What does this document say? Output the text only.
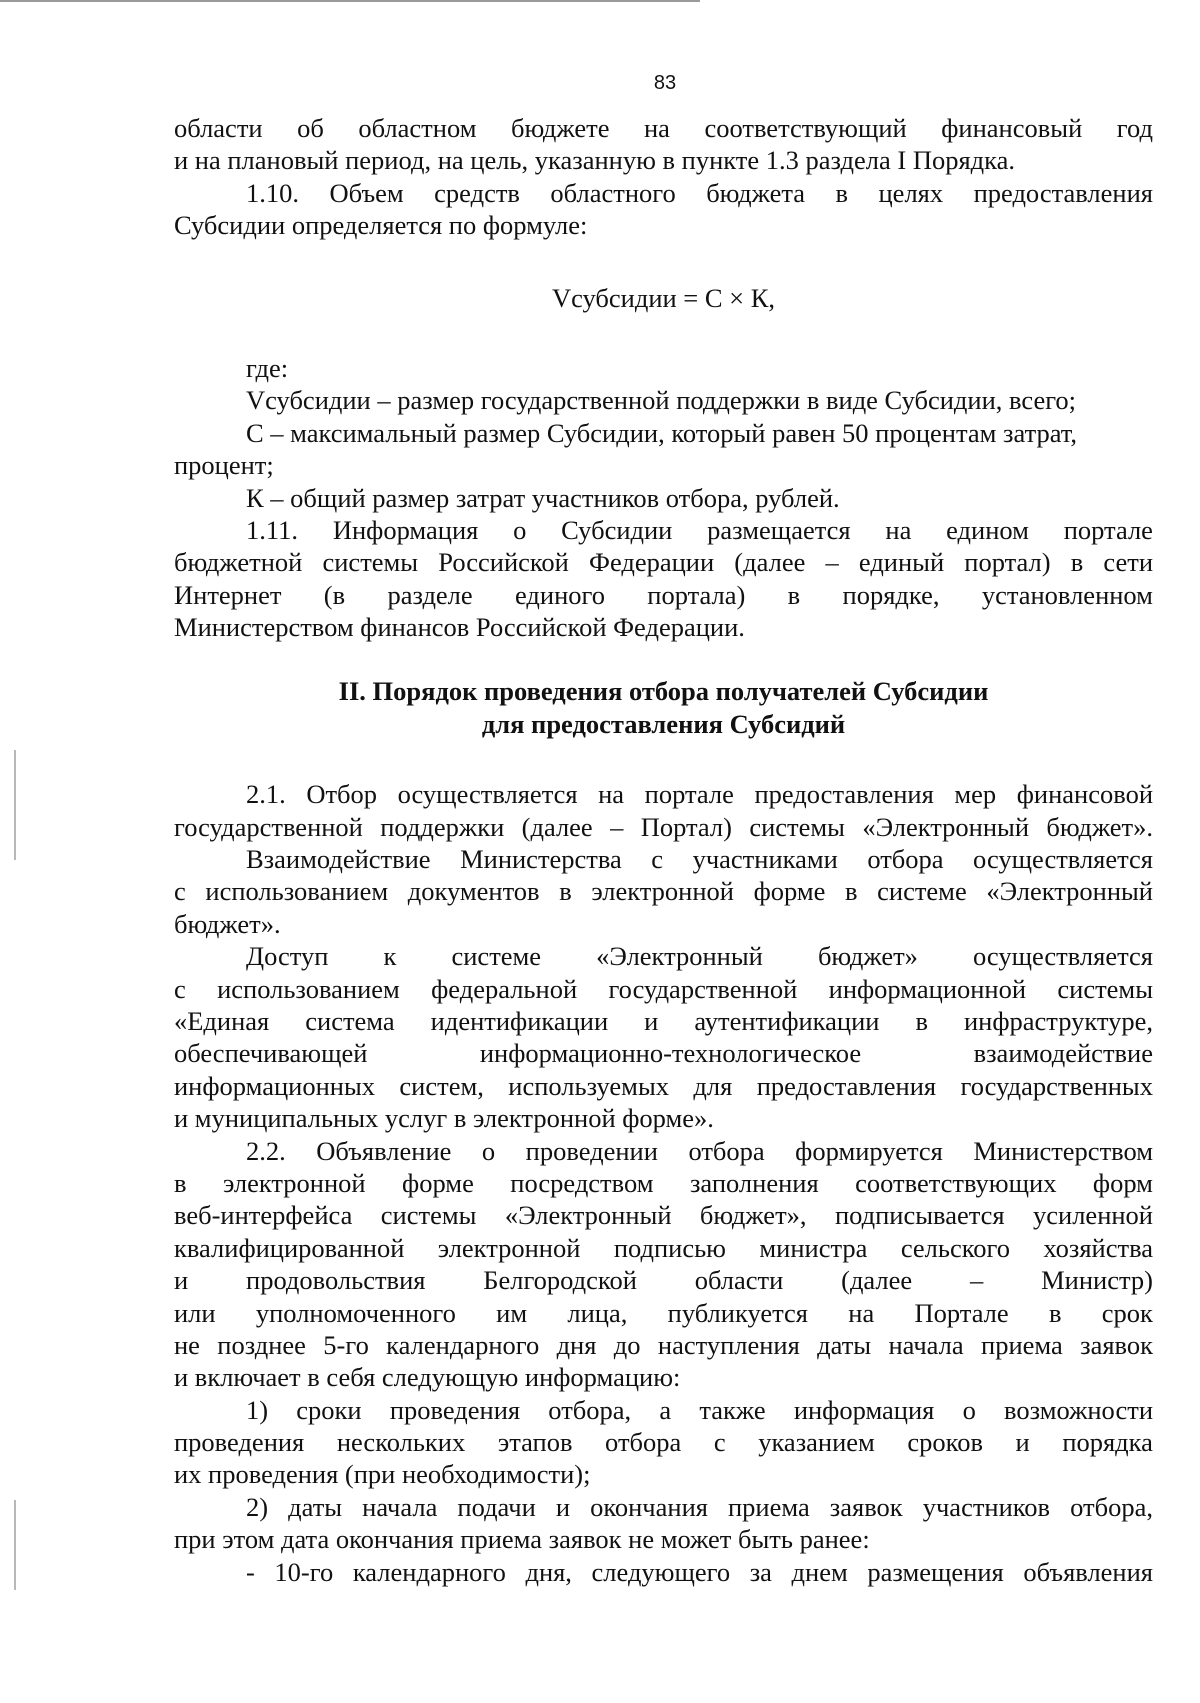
83
области об областном бюджете на соответствующий финансовый год
и на плановый период, на цель, указанную в пункте 1.3 раздела I Порядка.
1.10. Объем средств областного бюджета в целях предоставления
Субсидии определяется по формуле:
Vсубсидии = С × К,
где:
Vсубсидии – размер государственной поддержки в виде Субсидии, всего;
С – максимальный размер Субсидии, который равен 50 процентам затрат,
процент;
К – общий размер затрат участников отбора, рублей.
1.11. Информация о Субсидии размещается на едином портале
бюджетной системы Российской Федерации (далее – единый портал) в сети
Интернет (в разделе единого портала) в порядке, установленном
Министерством финансов Российской Федерации.
II. Порядок проведения отбора получателей Субсидии
для предоставления Субсидий
2.1. Отбор осуществляется на портале предоставления мер финансовой
государственной поддержки (далее – Портал) системы «Электронный бюджет».
Взаимодействие Министерства с участниками отбора осуществляется
с использованием документов в электронной форме в системе «Электронный
бюджет».
Доступ к системе «Электронный бюджет» осуществляется
с использованием федеральной государственной информационной системы
«Единая система идентификации и аутентификации в инфраструктуре,
обеспечивающей	информационно-технологическое	взаимодействие
информационных систем, используемых для предоставления государственных
и муниципальных услуг в электронной форме».
2.2. Объявление о проведении отбора формируется Министерством
в электронной форме посредством заполнения соответствующих форм
веб-интерфейса системы «Электронный бюджет», подписывается усиленной
квалифицированной электронной подписью министра сельского хозяйства
и продовольствия Белгородской области (далее – Министр)
или уполномоченного им лица, публикуется на Портале в срок
не позднее 5-го календарного дня до наступления даты начала приема заявок
и включает в себя следующую информацию:
1) сроки проведения отбора, а также информация о возможности
проведения нескольких этапов отбора с указанием сроков и порядка
их проведения (при необходимости);
2) даты начала подачи и окончания приема заявок участников отбора,
при этом дата окончания приема заявок не может быть ранее:
- 10-го календарного дня, следующего за днем размещения объявления
